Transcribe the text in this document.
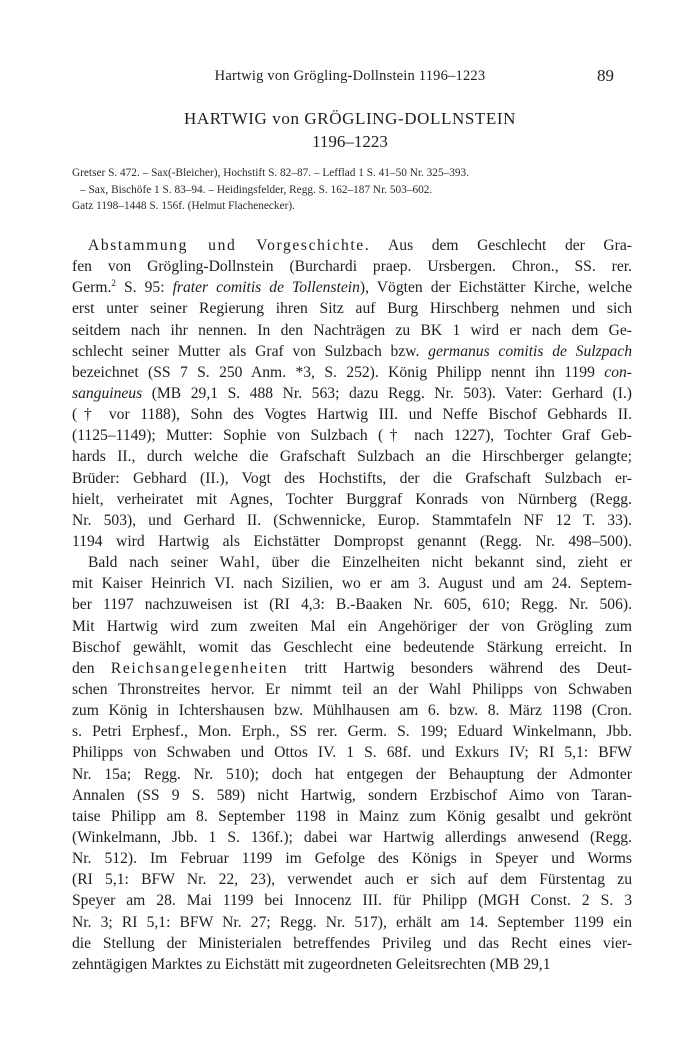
Hartwig von Grögling-Dollnstein 1196–1223	89
HARTWIG von GRÖGLING-DOLLNSTEIN
1196–1223
Gretser S. 472. – Sax(-Bleicher), Hochstift S. 82–87. – Lefflad 1 S. 41–50 Nr. 325–393.
– Sax, Bischöfe 1 S. 83–94. – Heidingsfelder, Regg. S. 162–187 Nr. 503–602.
Gatz 1198–1448 S. 156f. (Helmut Flachenecker).
Abstammung und Vorgeschichte. Aus dem Geschlecht der Gra-
fen von Grögling-Dollnstein (Burchardi praep. Ursbergen. Chron., SS. rer.
Germ.$^2$ S. 95: frater comitis de Tollenstein), Vögten der Eichstätter Kirche, welche
erst unter seiner Regierung ihren Sitz auf Burg Hirschberg nehmen und sich
seitdem nach ihr nennen. In den Nachträgen zu BK 1 wird er nach dem Ge-
schlecht seiner Mutter als Graf von Sulzbach bzw. germanus comitis de Sulzpach
bezeichnet (SS 7 S. 250 Anm. *3, S. 252). König Philipp nennt ihn 1199 con-
sanguineus (MB 29,1 S. 488 Nr. 563; dazu Regg. Nr. 503). Vater: Gerhard (I.)
(† vor 1188), Sohn des Vogtes Hartwig III. und Neffe Bischof Gebhards II.
(1125–1149); Mutter: Sophie von Sulzbach († nach 1227), Tochter Graf Geb-
hards II., durch welche die Grafschaft Sulzbach an die Hirschberger gelangte;
Brüder: Gebhard (II.), Vogt des Hochstifts, der die Grafschaft Sulzbach er-
hielt, verheiratet mit Agnes, Tochter Burggraf Konrads von Nürnberg (Regg.
Nr. 503), und Gerhard II. (Schwennicke, Europ. Stammtafeln NF 12 T. 33).
1194 wird Hartwig als Eichstätter Dompropst genannt (Regg. Nr. 498–500).
Bald nach seiner Wahl, über die Einzelheiten nicht bekannt sind, zieht er
mit Kaiser Heinrich VI. nach Sizilien, wo er am 3. August und am 24. Septem-
ber 1197 nachzuweisen ist (RI 4,3: B.-Baaken Nr. 605, 610; Regg. Nr. 506).
Mit Hartwig wird zum zweiten Mal ein Angehöriger der von Grögling zum
Bischof gewählt, womit das Geschlecht eine bedeutende Stärkung erreicht. In
den Reichsangelegenheiten tritt Hartwig besonders während des Deut-
schen Thronstreites hervor. Er nimmt teil an der Wahl Philipps von Schwaben
zum König in Ichtershausen bzw. Mühlhausen am 6. bzw. 8. März 1198 (Cron.
s. Petri Erphesf., Mon. Erph., SS rer. Germ. S. 199; Eduard Winkelmann, Jbb.
Philipps von Schwaben und Ottos IV. 1 S. 68f. und Exkurs IV; RI 5,1: BFW
Nr. 15a; Regg. Nr. 510); doch hat entgegen der Behauptung der Admonter
Annalen (SS 9 S. 589) nicht Hartwig, sondern Erzbischof Aimo von Taran-
taise Philipp am 8. September 1198 in Mainz zum König gesalbt und gekrönt
(Winkelmann, Jbb. 1 S. 136f.); dabei war Hartwig allerdings anwesend (Regg.
Nr. 512). Im Februar 1199 im Gefolge des Königs in Speyer und Worms
(RI 5,1: BFW Nr. 22, 23), verwendet auch er sich auf dem Fürstentag zu
Speyer am 28. Mai 1199 bei Innocenz III. für Philipp (MGH Const. 2 S. 3
Nr. 3; RI 5,1: BFW Nr. 27; Regg. Nr. 517), erhält am 14. September 1199 ein
die Stellung der Ministerialen betreffendes Privileg und das Recht eines vier-
zehntägigen Marktes zu Eichstätt mit zugeordneten Geleitsrechten (MB 29,1
